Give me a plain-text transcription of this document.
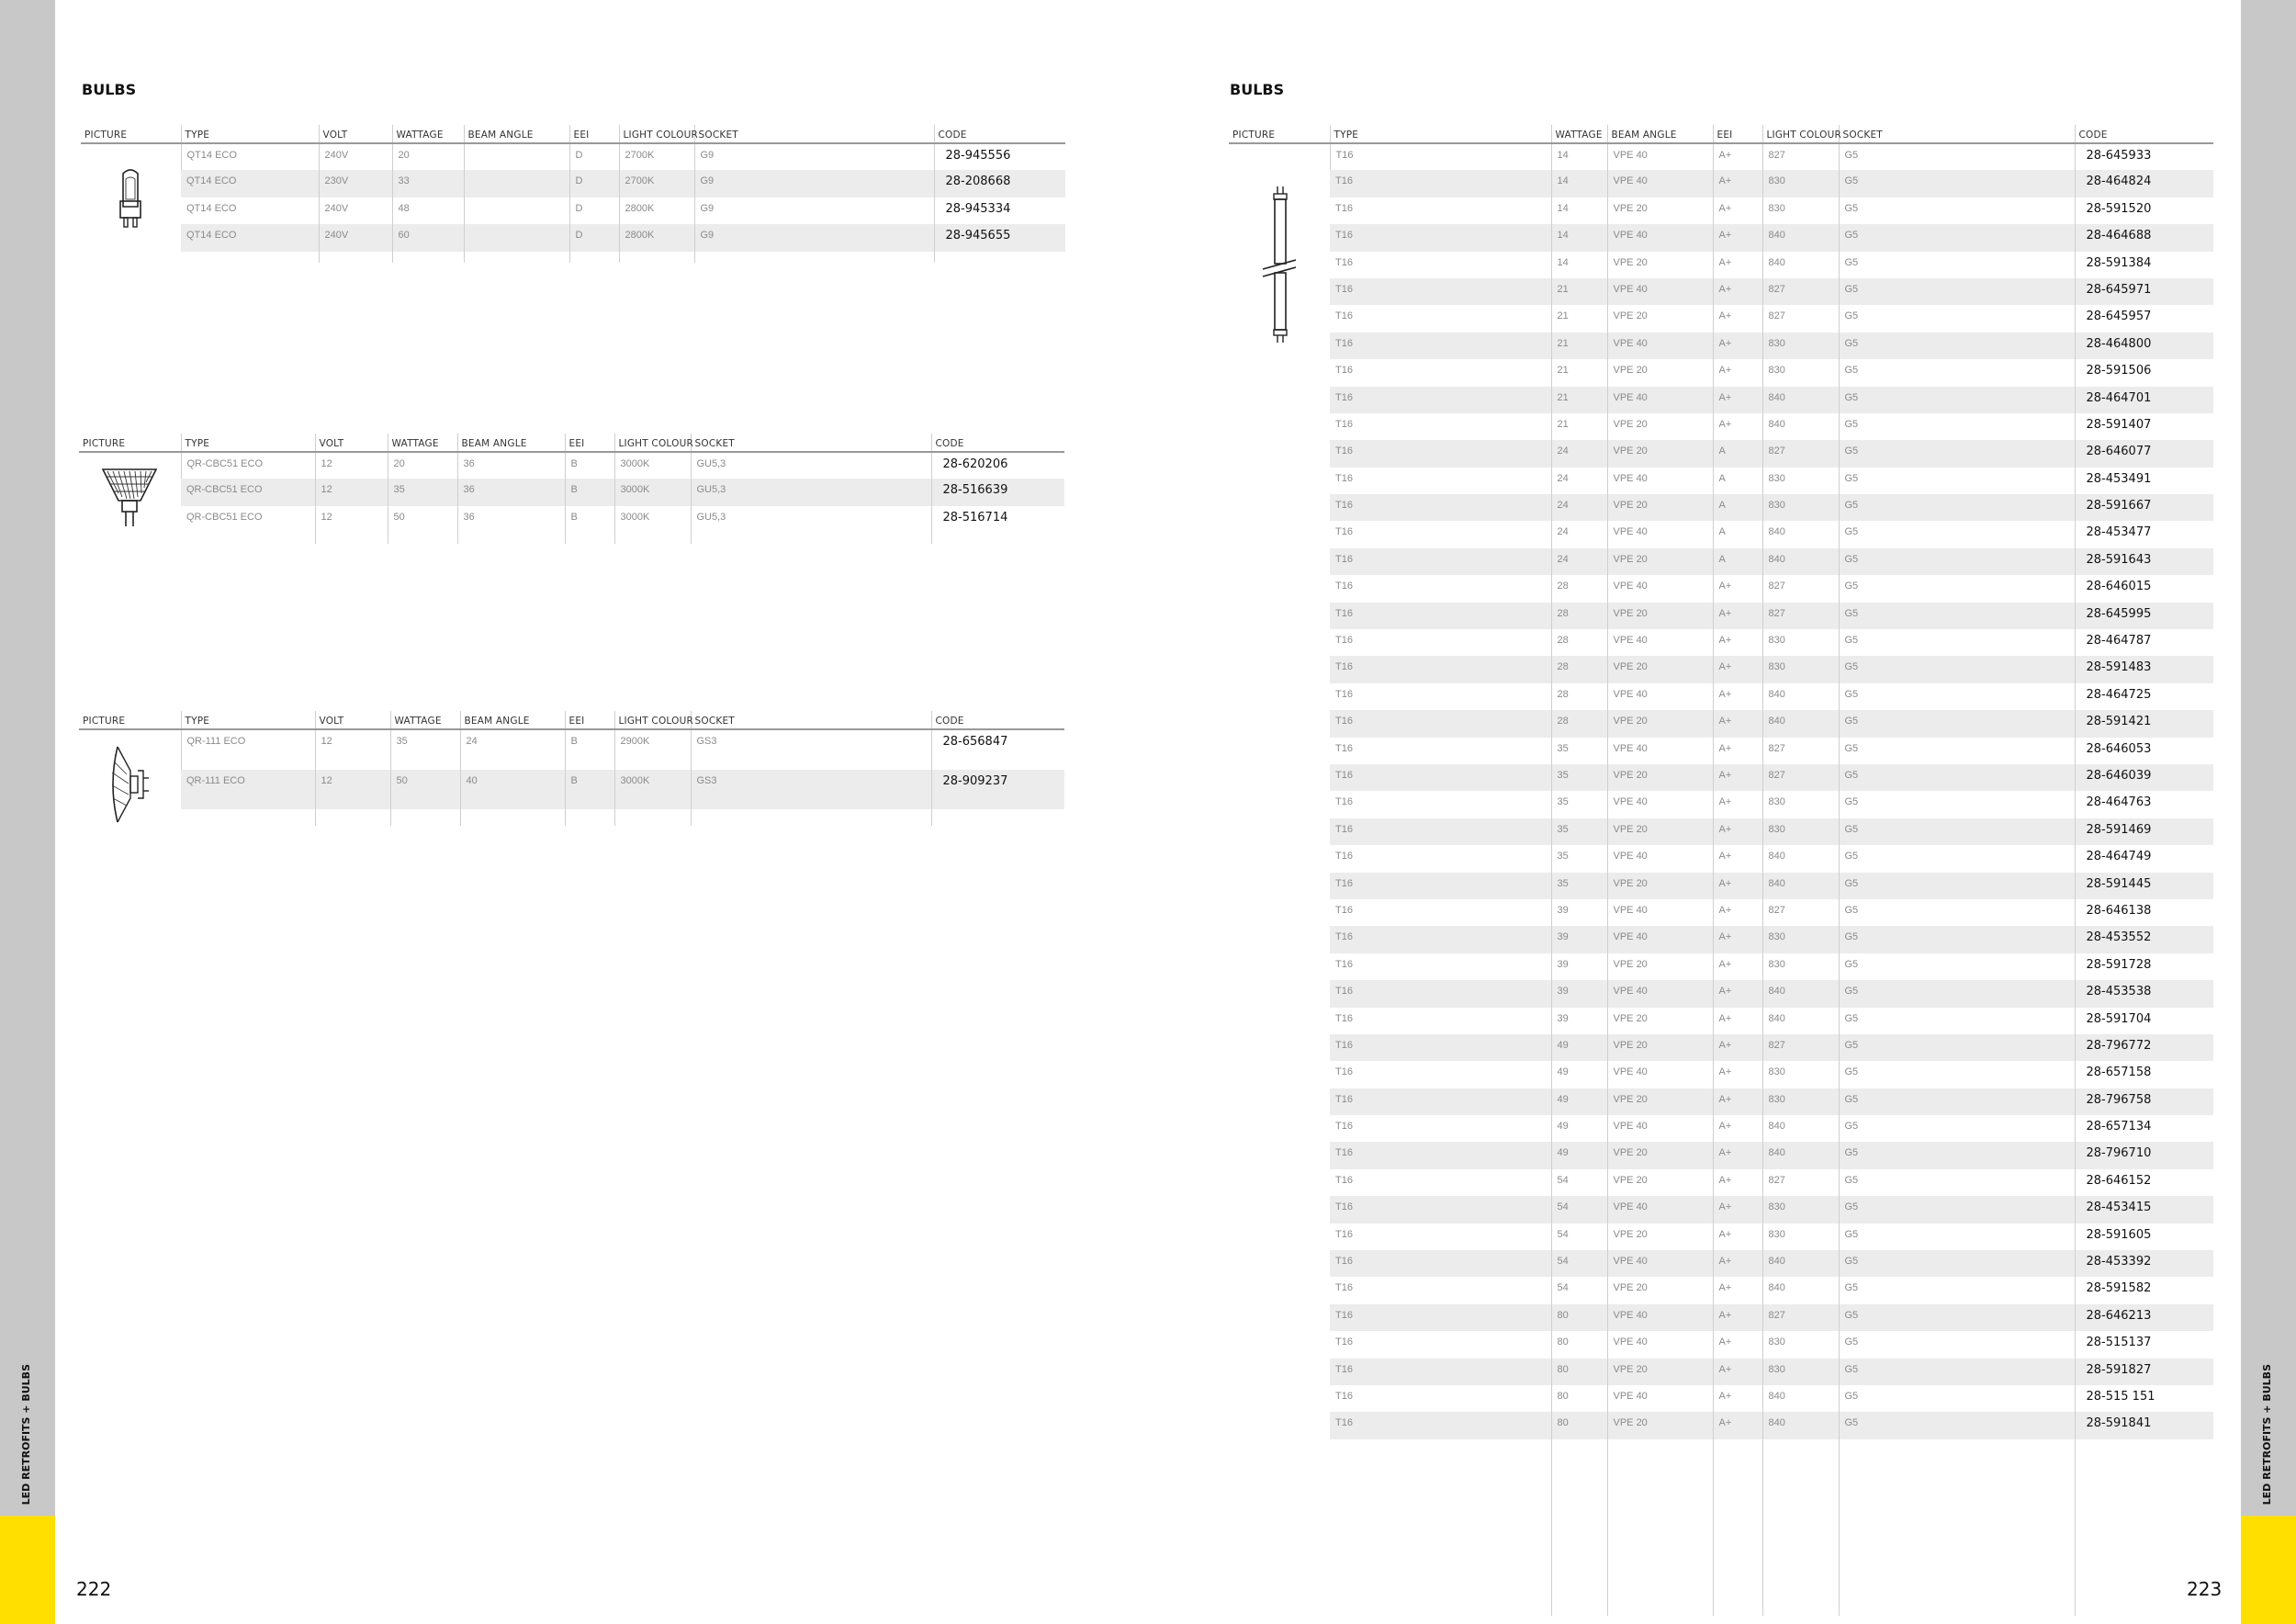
LED RETROFITS + BULBS	LED RETROFITS + BULBS
222	223
BULBS	BULBS
PICTURE	TYPE	VOLT	WATTAGE	BEAM ANGLE	EEI	LIGHT COLOUR	SOCKET	CODE

	QT14 ECO	240V	20		D	2700K	G9	28-945556
	QT14 ECO	230V	33		D	2700K	G9	28-208668
	QT14 ECO	240V	48		D	2800K	G9	28-945334
	QT14 ECO	240V	60		D	2800K	G9	28-945655

PICTURE	TYPE	VOLT	WATTAGE	BEAM ANGLE	EEI	LIGHT COLOUR	SOCKET	CODE

	QR-CBC51 ECO	12	20	36	B	3000K	GU5,3	28-620206
	QR-CBC51 ECO	12	35	36	B	3000K	GU5,3	28-516639
	QR-CBC51 ECO	12	50	36	B	3000K	GU5,3	28-516714

PICTURE	TYPE	VOLT	WATTAGE	BEAM ANGLE	EEI	LIGHT COLOUR	SOCKET	CODE

	QR-111 ECO	12	35	24	B	2900K	GS3	28-656847
	QR-111 ECO	12	50	40	B	3000K	GS3	28-909237

PICTURE	TYPE	WATTAGE	BEAM ANGLE	EEI	LIGHT COLOUR	SOCKET	CODE

	T16	14	VPE 40	A+	827	G5	28-645933
	T16	14	VPE 40	A+	830	G5	28-464824
	T16	14	VPE 20	A+	830	G5	28-591520
	T16	14	VPE 40	A+	840	G5	28-464688
	T16	14	VPE 20	A+	840	G5	28-591384
	T16	21	VPE 40	A+	827	G5	28-645971
	T16	21	VPE 20	A+	827	G5	28-645957
	T16	21	VPE 40	A+	830	G5	28-464800
	T16	21	VPE 20	A+	830	G5	28-591506
	T16	21	VPE 40	A+	840	G5	28-464701
	T16	21	VPE 20	A+	840	G5	28-591407
	T16	24	VPE 20	A	827	G5	28-646077
	T16	24	VPE 40	A	830	G5	28-453491
	T16	24	VPE 20	A	830	G5	28-591667
	T16	24	VPE 40	A	840	G5	28-453477
	T16	24	VPE 20	A	840	G5	28-591643
	T16	28	VPE 40	A+	827	G5	28-646015
	T16	28	VPE 20	A+	827	G5	28-645995
	T16	28	VPE 40	A+	830	G5	28-464787
	T16	28	VPE 20	A+	830	G5	28-591483
	T16	28	VPE 40	A+	840	G5	28-464725
	T16	28	VPE 20	A+	840	G5	28-591421
	T16	35	VPE 40	A+	827	G5	28-646053
	T16	35	VPE 20	A+	827	G5	28-646039
	T16	35	VPE 40	A+	830	G5	28-464763
	T16	35	VPE 20	A+	830	G5	28-591469
	T16	35	VPE 40	A+	840	G5	28-464749
	T16	35	VPE 20	A+	840	G5	28-591445
	T16	39	VPE 40	A+	827	G5	28-646138
	T16	39	VPE 40	A+	830	G5	28-453552
	T16	39	VPE 20	A+	830	G5	28-591728
	T16	39	VPE 40	A+	840	G5	28-453538
	T16	39	VPE 20	A+	840	G5	28-591704
	T16	49	VPE 20	A+	827	G5	28-796772
	T16	49	VPE 40	A+	830	G5	28-657158
	T16	49	VPE 20	A+	830	G5	28-796758
	T16	49	VPE 40	A+	840	G5	28-657134
	T16	49	VPE 20	A+	840	G5	28-796710
	T16	54	VPE 20	A+	827	G5	28-646152
	T16	54	VPE 40	A+	830	G5	28-453415
	T16	54	VPE 20	A+	830	G5	28-591605
	T16	54	VPE 40	A+	840	G5	28-453392
	T16	54	VPE 20	A+	840	G5	28-591582
	T16	80	VPE 40	A+	827	G5	28-646213
	T16	80	VPE 40	A+	830	G5	28-515137
	T16	80	VPE 20	A+	830	G5	28-591827
	T16	80	VPE 40	A+	840	G5	28-515 151
	T16	80	VPE 20	A+	840	G5	28-591841
